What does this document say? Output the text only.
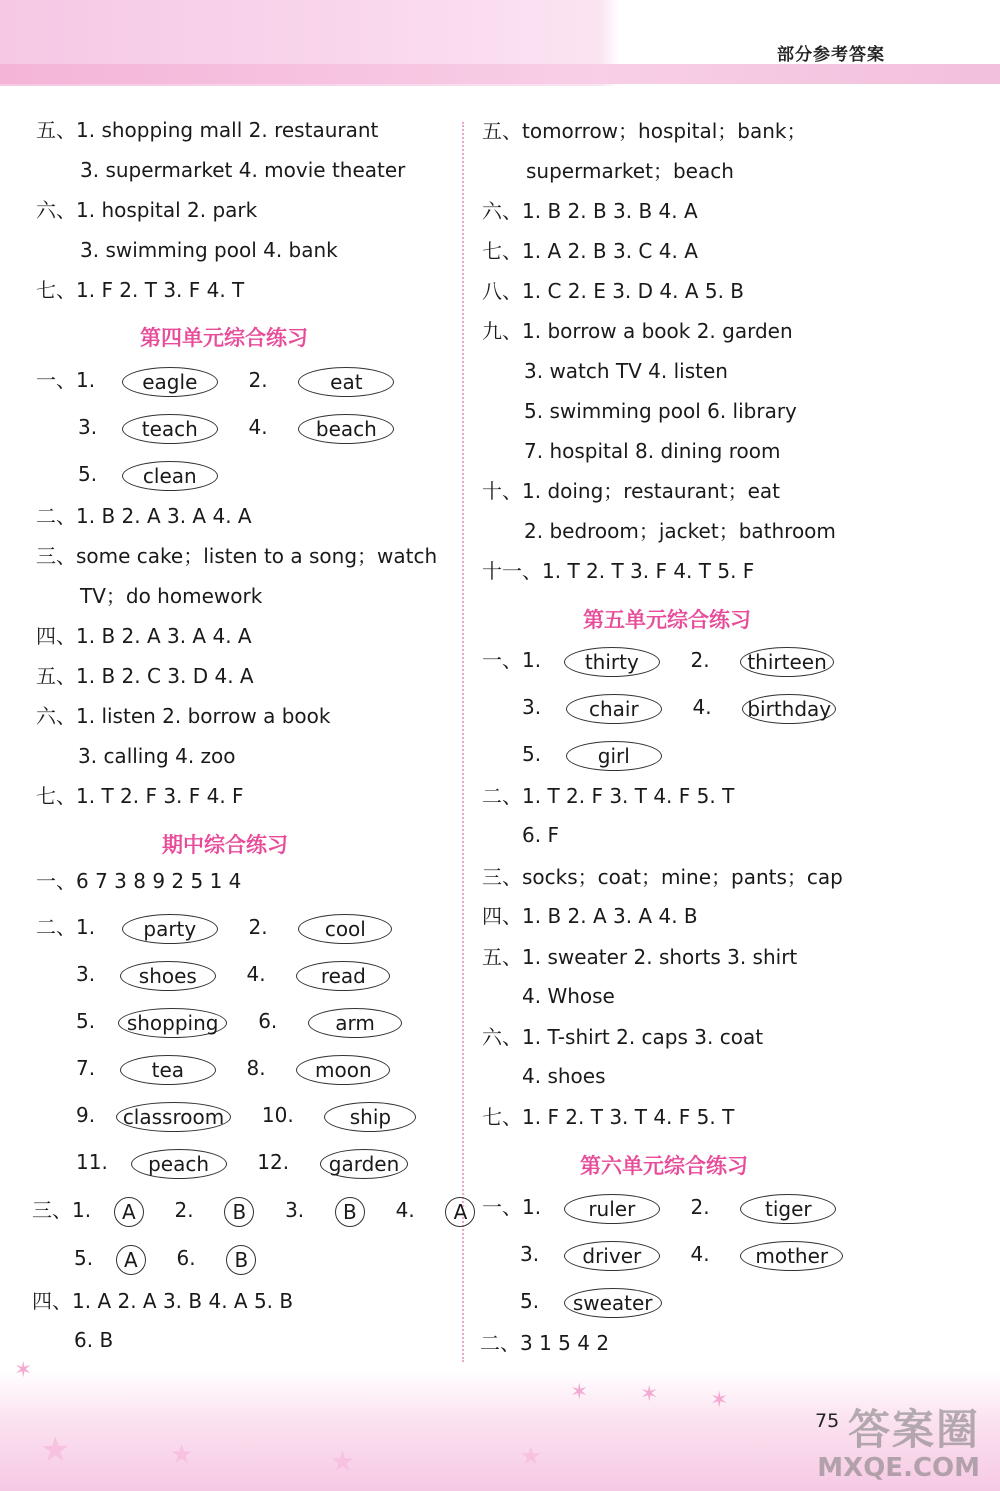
部分参考答案
五、1. shopping mall 2. restaurant
3. supermarket 4. movie theater
六、1. hospital 2. park
3. swimming pool 4. bank
七、1. F 2. T 3. F 4. T
第四单元综合练习
一、1. eagle	2.	eat
3. teach	4. beach
5. clean
二、1. B 2. A 3. A 4. A
三、some cake；listen to a song；watch
TV；do homework
四、1. B 2. A 3. A 4. A
五、1. B 2. C 3. D 4. A
六、1. listen 2. borrow a book
3. calling 4. zoo
七、1. T 2. F 3. F 4. F
期中综合练习
一、6 7 3 8 9 2 5 1 4
二、1. party	2.	cool
3. shoes 4.	read
5. shopping 6.	arm
7.	tea	8. moon
9. classroom 10.	ship
11. peach 12. garden
三、1. A 2. B 3. B 4. A
5. A 6. B
四、1. A 2. A 3. B 4. A 5. B
6. B
五、tomorrow；hospital；bank；
supermarket；beach
六、1. B 2. B 3. B 4. A
七、1. A 2. B 3. C 4. A
八、1. C 2. E 3. D 4. A 5. B
九、1. borrow a book 2. garden
3. watch TV 4. listen
5. swimming pool 6. library
7. hospital 8. dining room
十、1. doing；restaurant；eat
2. bedroom；jacket；bathroom
十一、1. T 2. T 3. F 4. T 5. F
第五单元综合练习
一、1. thirty	2. thirteen
3. chair	4. birthday
5.	girl
二、1. T 2. F 3. T 4. F 5. T
6. F
三、socks；coat；mine；pants；cap
四、1. B 2. A 3. A 4. B
五、1. sweater 2. shorts 3. shirt
4. Whose
六、1. T-shirt 2. caps 3. coat
4. shoes
七、1. F 2. T 3. T 4. F 5. T
第六单元综合练习
一、1. ruler	2.	tiger
3. driver 4. mother
5. sweater
二、3 1 5 4 2
✶
✶ ✶ ✶
★	★	★	★
75 答案圈
MXQE.COM
